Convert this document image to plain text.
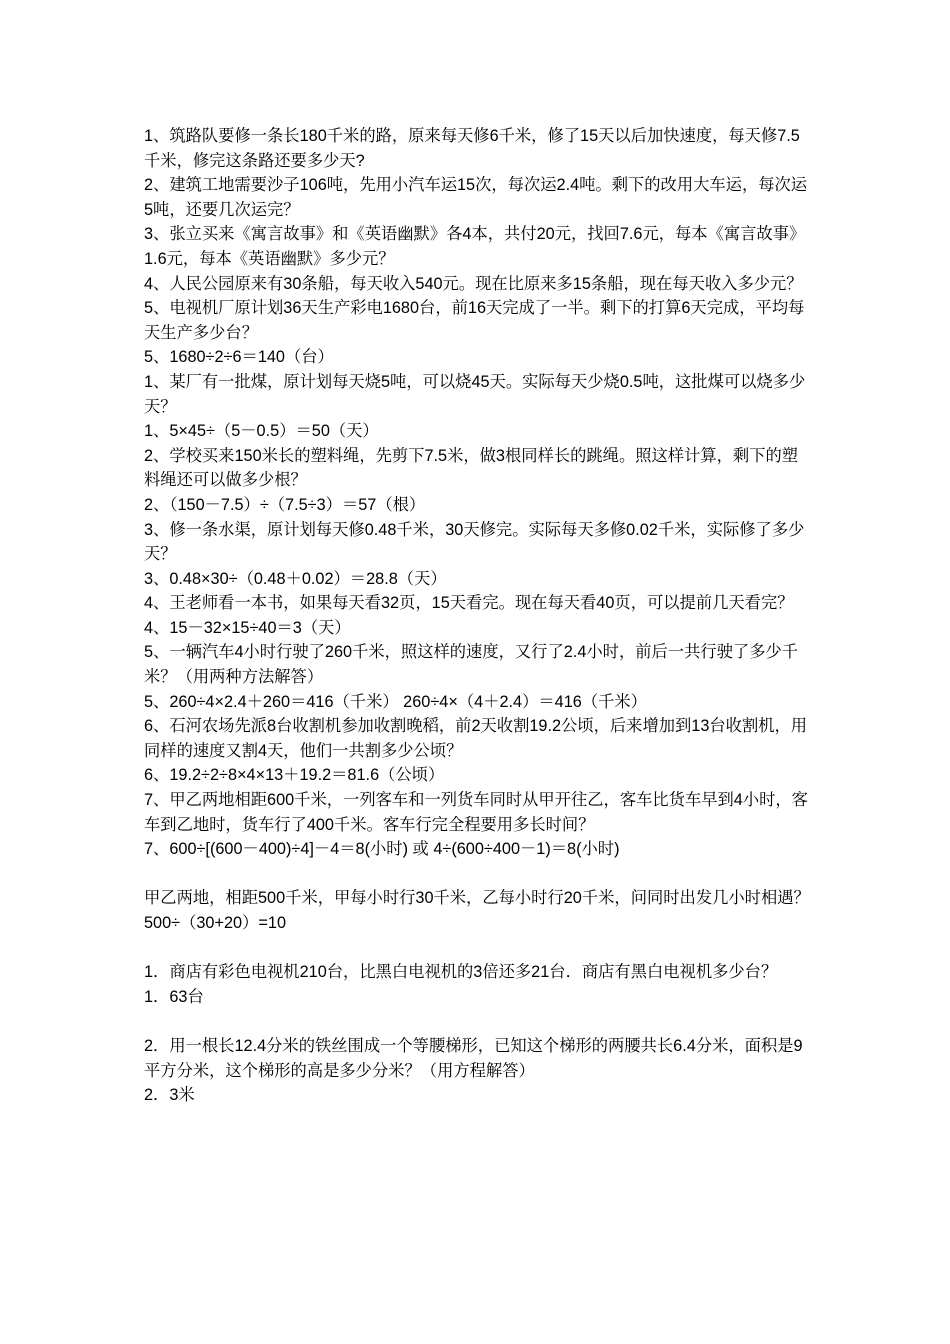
1、筑路队要修一条长180千米的路，原来每天修6千米，修了15天以后加快速度，每天修7.5千米，修完这条路还要多少天?

2、建筑工地需要沙子106吨，先用小汽车运15次，每次运2.4吨。剩下的改用大车运，每次运5吨，还要几次运完？

3、张立买来《寓言故事》和《英语幽默》各4本，共付20元，找回7.6元，每本《寓言故事》1.6元，每本《英语幽默》多少元？

4、人民公园原来有30条船，每天收入540元。现在比原来多15条船，现在每天收入多少元？

5、电视机厂原计划36天生产彩电1680台，前16天完成了一半。剩下的打算6天完成，平均每天生产多少台？

5、1680÷2÷6＝140（台）

1、某厂有一批煤，原计划每天烧5吨，可以烧45天。实际每天少烧0.5吨，这批煤可以烧多少天？

1、5×45÷（5－0.5）＝50（天）

2、学校买来150米长的塑料绳，先剪下7.5米，做3根同样长的跳绳。照这样计算，剩下的塑料绳还可以做多少根？

2、（150－7.5）÷（7.5÷3）＝57（根）

3、修一条水渠，原计划每天修0.48千米，30天修完。实际每天多修0.02千米，实际修了多少天？

3、0.48×30÷（0.48＋0.02）＝28.8（天）

4、王老师看一本书，如果每天看32页，15天看完。现在每天看40页，可以提前几天看完？

4、15－32×15÷40＝3（天）

5、一辆汽车4小时行驶了260千米，照这样的速度，又行了2.4小时，前后一共行驶了多少千米？（用两种方法解答）

5、260÷4×2.4＋260＝416（千米） 260÷4×（4＋2.4）＝416（千米）

6、石河农场先派8台收割机参加收割晚稻，前2天收割19.2公顷，后来增加到13台收割机，用同样的速度又割4天，他们一共割多少公顷？

6、19.2÷2÷8×4×13＋19.2＝81.6（公顷）

7、甲乙两地相距600千米，一列客车和一列货车同时从甲开往乙，客车比货车早到4小时，客车到乙地时，货车行了400千米。客车行完全程要用多长时间？

7、600÷[(600－400)÷4]－4＝8(小时) 或 4÷(600÷400－1)＝8(小时)

甲乙两地，相距500千米，甲每小时行30千米，乙每小时行20千米，问同时出发几小时相遇？

500÷（30+20）=10

1．商店有彩色电视机210台，比黑白电视机的3倍还多21台．商店有黑白电视机多少台？

1．63台

2．用一根长12.4分米的铁丝围成一个等腰梯形，已知这个梯形的两腰共长6.4分米，面积是9平方分米，这个梯形的高是多少分米？（用方程解答）

2．3米
